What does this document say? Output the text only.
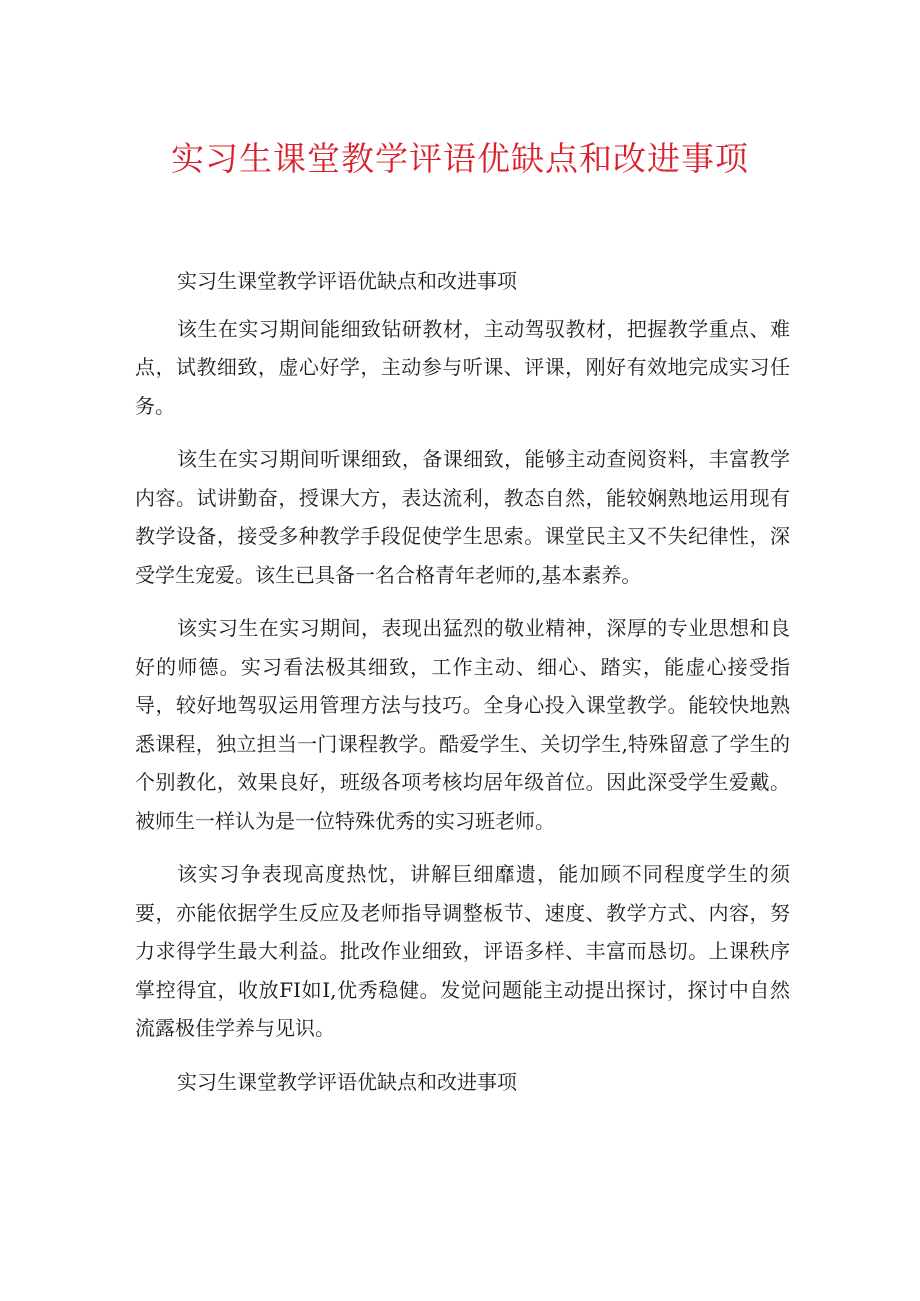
实习生课堂教学评语优缺点和改进事项

实习生课堂教学评语优缺点和改进事项

该生在实习期间能细致钻研教材，主动驾驭教材，把握教学重点、难点，试教细致，虚心好学，主动参与听课、评课，刚好有效地完成实习任务。

该生在实习期间听课细致，备课细致，能够主动查阅资料，丰富教学内容。试讲勤奋，授课大方，表达流利，教态自然，能较娴熟地运用现有教学设备，接受多种教学手段促使学生思索。课堂民主又不失纪律性，深受学生宠爱。该生已具备一名合格青年老师的,基本素养。

该实习生在实习期间，表现出猛烈的敬业精神，深厚的专业思想和良好的师德。实习看法极其细致，工作主动、细心、踏实，能虚心接受指导，较好地驾驭运用管理方法与技巧。全身心投入课堂教学。能较快地熟悉课程，独立担当一门课程教学。酷爱学生、关切学生,特殊留意了学生的个别教化，效果良好，班级各项考核均居年级首位。因此深受学生爱戴。被师生一样认为是一位特殊优秀的实习班老师。

该实习争表现高度热忱，讲解巨细靡遗，能加顾不同程度学生的须要，亦能依据学生反应及老师指导调整板节、速度、教学方式、内容，努力求得学生最大利益。批改作业细致，评语多样、丰富而恳切。上课秩序掌控得宜，收放FI如I,优秀稳健。发觉问题能主动提出探讨，探讨中自然流露极佳学养与见识。

实习生课堂教学评语优缺点和改进事项
